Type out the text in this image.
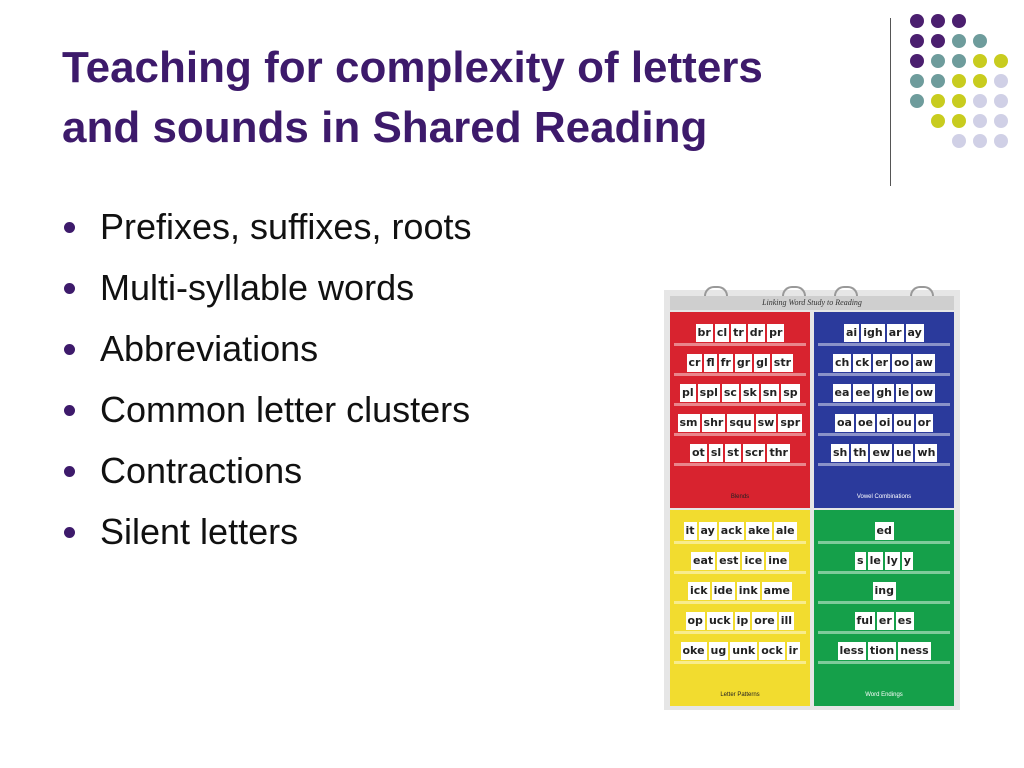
Teaching for complexity of letters
and sounds in Shared Reading
Prefixes, suffixes, roots
Multi-syllable words
Abbreviations
Common letter clusters
Contractions
Silent letters
Linking Word Study to Reading
Blends
br cl tr dr pr
cr fl fr gr gl str
pl spl sc sk sn sp
sm shr squ sw spr
ot sl st scr thr
Vowel Combinations
ai igh ar ay
ch ck er oo aw
ea ee gh ie ow
oa oe oi ou or
sh th ew ue wh
Letter Patterns
it ay ack ake ale
eat est ice ine
ick ide ink ame
op uck ip ore ill
oke ug unk ock ir
Word Endings
ed
s le ly y
ing
ful er es
less tion ness
